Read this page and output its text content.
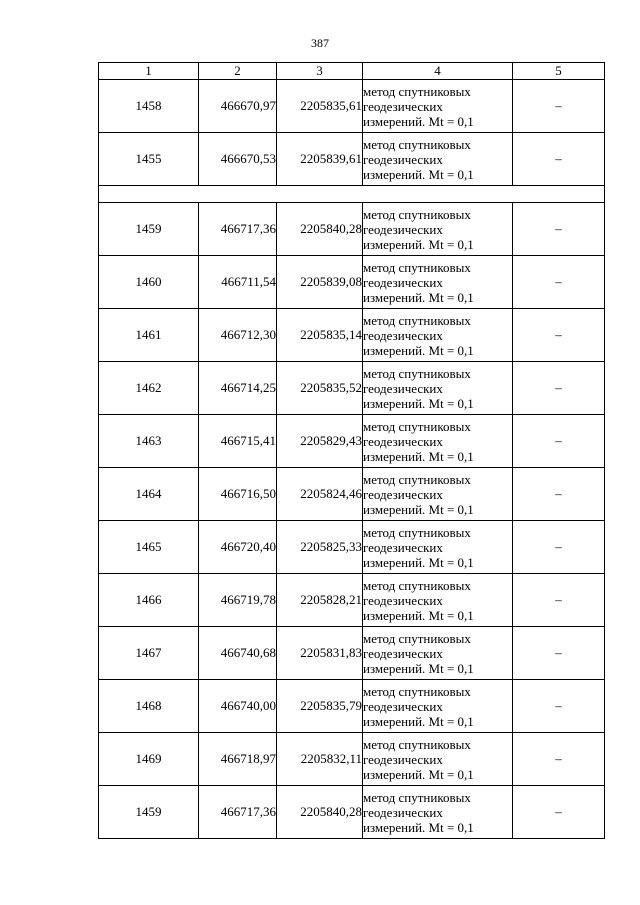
387
1	2	3	4	5
1458	466670,97	2205835,61	метод спутниковых
геодезических
измерений. Mt = 0,1	–
1455	466670,53	2205839,61	метод спутниковых
геодезических
измерений. Mt = 0,1	–

1459	466717,36	2205840,28	метод спутниковых
геодезических
измерений. Mt = 0,1	–
1460	466711,54	2205839,08	метод спутниковых
геодезических
измерений. Mt = 0,1	–
1461	466712,30	2205835,14	метод спутниковых
геодезических
измерений. Mt = 0,1	–
1462	466714,25	2205835,52	метод спутниковых
геодезических
измерений. Mt = 0,1	–
1463	466715,41	2205829,43	метод спутниковых
геодезических
измерений. Mt = 0,1	–
1464	466716,50	2205824,46	метод спутниковых
геодезических
измерений. Mt = 0,1	–
1465	466720,40	2205825,33	метод спутниковых
геодезических
измерений. Mt = 0,1	–
1466	466719,78	2205828,21	метод спутниковых
геодезических
измерений. Mt = 0,1	–
1467	466740,68	2205831,83	метод спутниковых
геодезических
измерений. Mt = 0,1	–
1468	466740,00	2205835,79	метод спутниковых
геодезических
измерений. Mt = 0,1	–
1469	466718,97	2205832,11	метод спутниковых
геодезических
измерений. Mt = 0,1	–
1459	466717,36	2205840,28	метод спутниковых
геодезических
измерений. Mt = 0,1	–
